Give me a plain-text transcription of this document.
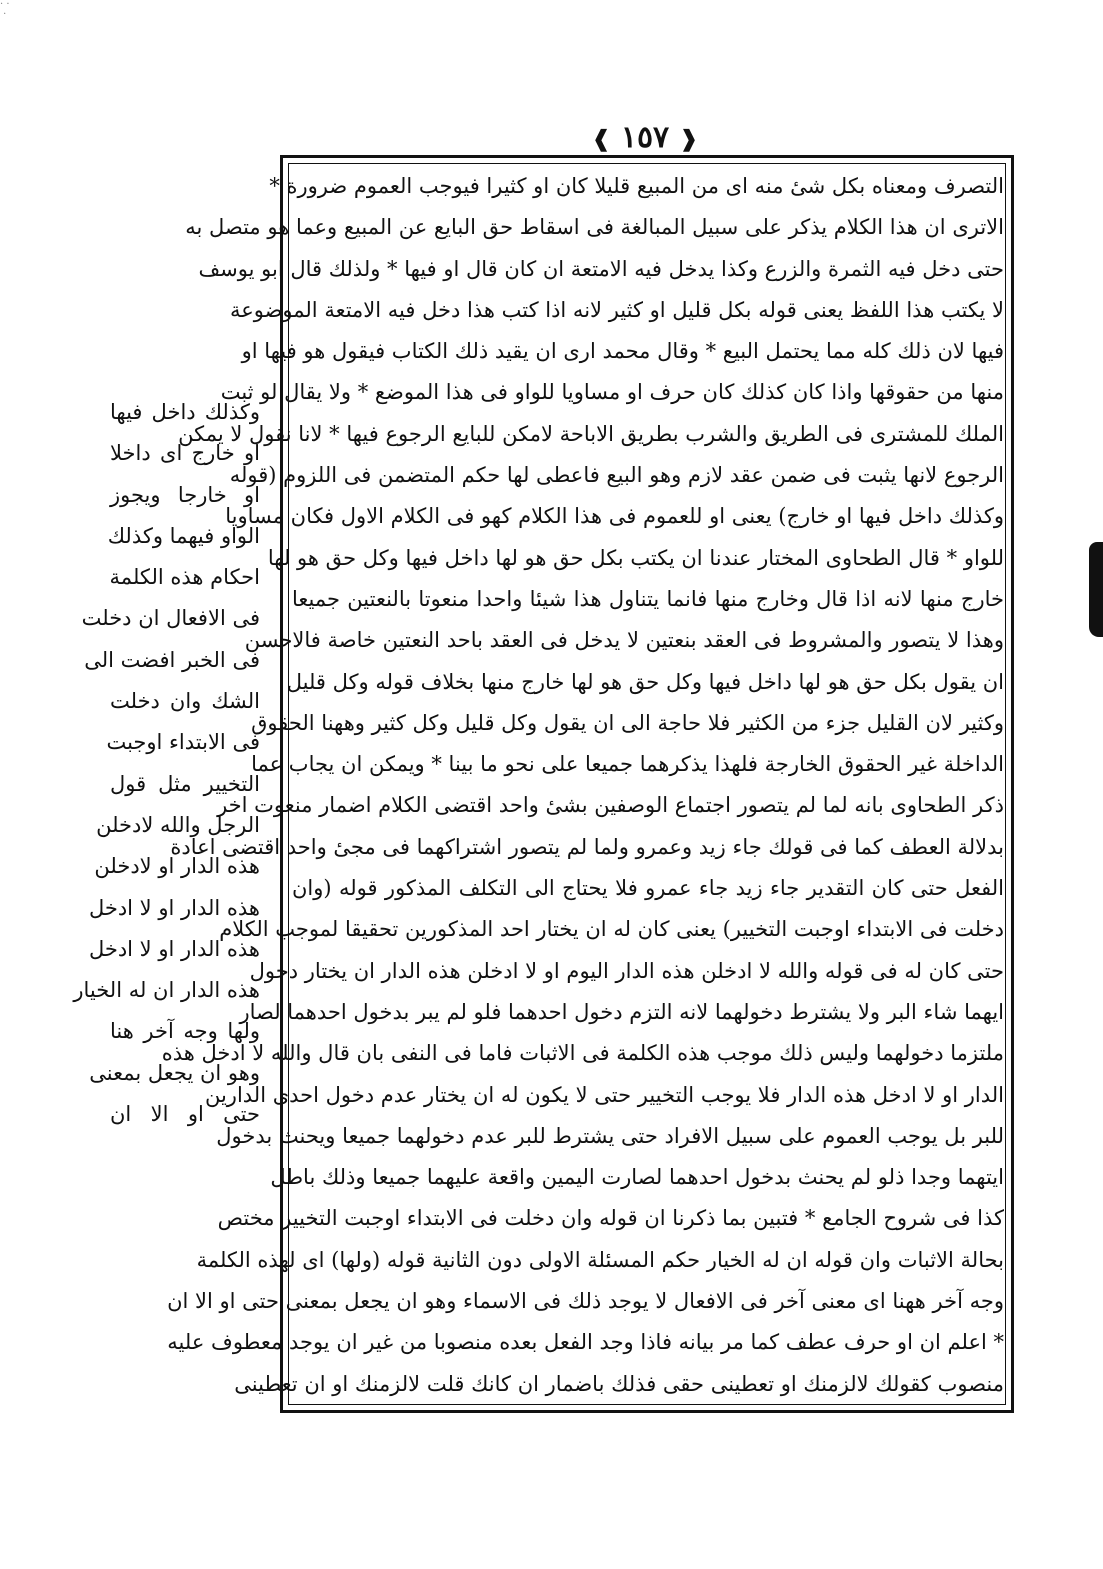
· ·
·
❰ ١٥٧ ❱
التصرف ومعناه بكل شیٔ منه ای من المبیع قلیلا كان او كثیرا فیوجب العموم ضرورة *
الاتری ان هذا الكلام یذكر علی سبیل المبالغة فی اسقاط حق البایع عن المبیع وعما هو متصل به
حتی دخل فیه الثمرة والزرع وكذا یدخل فیه الامتعة ان كان قال او فیها * ولذلك قال ابو یوسف
لا یكتب هذا اللفظ یعنی قوله بكل قلیل او كثیر لانه اذا كتب هذا دخل فیه الامتعة الموضوعة
فیها لان ذلك كله مما یحتمل البیع * وقال محمد اری ان یقید ذلك الكتاب فیقول هو فیها او
منها من حقوقها واذا كان كذلك كان حرف او مساویا للواو فی هذا الموضع * ولا یقال لو ثبت
الملك للمشتری فی الطریق والشرب بطریق الاباحة لامكن للبایع الرجوع فیها * لانا نقول لا یمكن
الرجوع لانها یثبت فی ضمن عقد لازم وهو البیع فاعطی لها حكم المتضمن فی اللزوم (قوله
وكذلك داخل فیها او خارج) یعنی او للعموم فی هذا الكلام كهو فی الكلام الاول فكان مساویا
للواو * قال الطحاوی المختار عندنا ان یكتب بكل حق هو لها داخل فیها وكل حق هو لها
خارج منها لانه اذا قال وخارج منها فانما یتناول هذا شیئا واحدا منعوتا بالنعتین جمیعا
وهذا لا یتصور والمشروط فی العقد بنعتین لا یدخل فی العقد باحد النعتین خاصة فالاحسن
ان یقول بكل حق هو لها داخل فیها وكل حق هو لها خارج منها بخلاف قوله وكل قلیل
وكثیر لان القلیل جزء من الكثیر فلا حاجة الی ان یقول وكل قلیل وكل كثیر وههنا الحقوق
الداخلة غیر الحقوق الخارجة فلهذا یذكرهما جمیعا علی نحو ما بینا * ویمكن ان یجاب عما
ذكر الطحاوی بانه لما لم یتصور اجتماع الوصفین بشیٔ واحد اقتضی الكلام اضمار منعوت اخر
بدلالة العطف كما فی قولك جاء زید وعمرو ولما لم یتصور اشتراكهما فی مجیٔ واحد اقتضی اعادة
الفعل حتی كان التقدیر جاء زید جاء عمرو فلا یحتاج الی التكلف المذكور قوله (وان
دخلت فی الابتداء اوجبت التخییر) یعنی كان له ان یختار احد المذكورین تحقیقا لموجب الكلام
حتی كان له فی قوله والله لا ادخلن هذه الدار الیوم او لا ادخلن هذه الدار ان یختار دخول
ایهما شاء البر ولا یشترط دخولهما لانه التزم دخول احدهما فلو لم یبر بدخول احدهما لصار
ملتزما دخولهما ولیس ذلك موجب هذه الكلمة فی الاثبات فاما فی النفی بان قال والله لا ادخل هذه
الدار او لا ادخل هذه الدار فلا یوجب التخییر حتی لا یكون له ان یختار عدم دخول احدی الدارین
للبر بل یوجب العموم علی سبیل الافراد حتی یشترط للبر عدم دخولهما جمیعا ویحنث بدخول
ایتهما وجدا ذلو لم یحنث بدخول احدهما لصارت الیمین واقعة علیهما جمیعا وذلك باطل
كذا فی شروح الجامع * فتبین بما ذكرنا ان قوله وان دخلت فی الابتداء اوجبت التخییر مختص
بحالة الاثبات وان قوله ان له الخیار حكم المسئلة الاولی دون الثانیة قوله (ولها) ای لهذه الكلمة
وجه آخر ههنا ای معنی آخر فی الافعال لا یوجد ذلك فی الاسماء وهو ان یجعل بمعنی حتی او الا ان
* اعلم ان او حرف عطف كما مر بیانه فاذا وجد الفعل بعده منصوبا من غیر ان یوجد معطوف علیه
منصوب كقولك لالزمنك او تعطینی حقی فذلك باضمار ان كانك قلت لالزمنك او ان تعطینی
وكذلك داخل فیها
او خارج ای داخلا
او خارجا ویجوز
الواو فیهما وكذلك
احكام هذه الكلمة
فی الافعال ان دخلت
فی الخبر افضت الی
الشك وان دخلت
فی الابتداء اوجبت
التخییر مثل قول
الرجل والله لادخلن
هذه الدار او لادخلن
هذه الدار او لا ادخل
هذه الدار او لا ادخل
هذه الدار ان له الخیار
ولها وجه آخر هنا
وهو ان یجعل بمعنی
حتی او الا ان
